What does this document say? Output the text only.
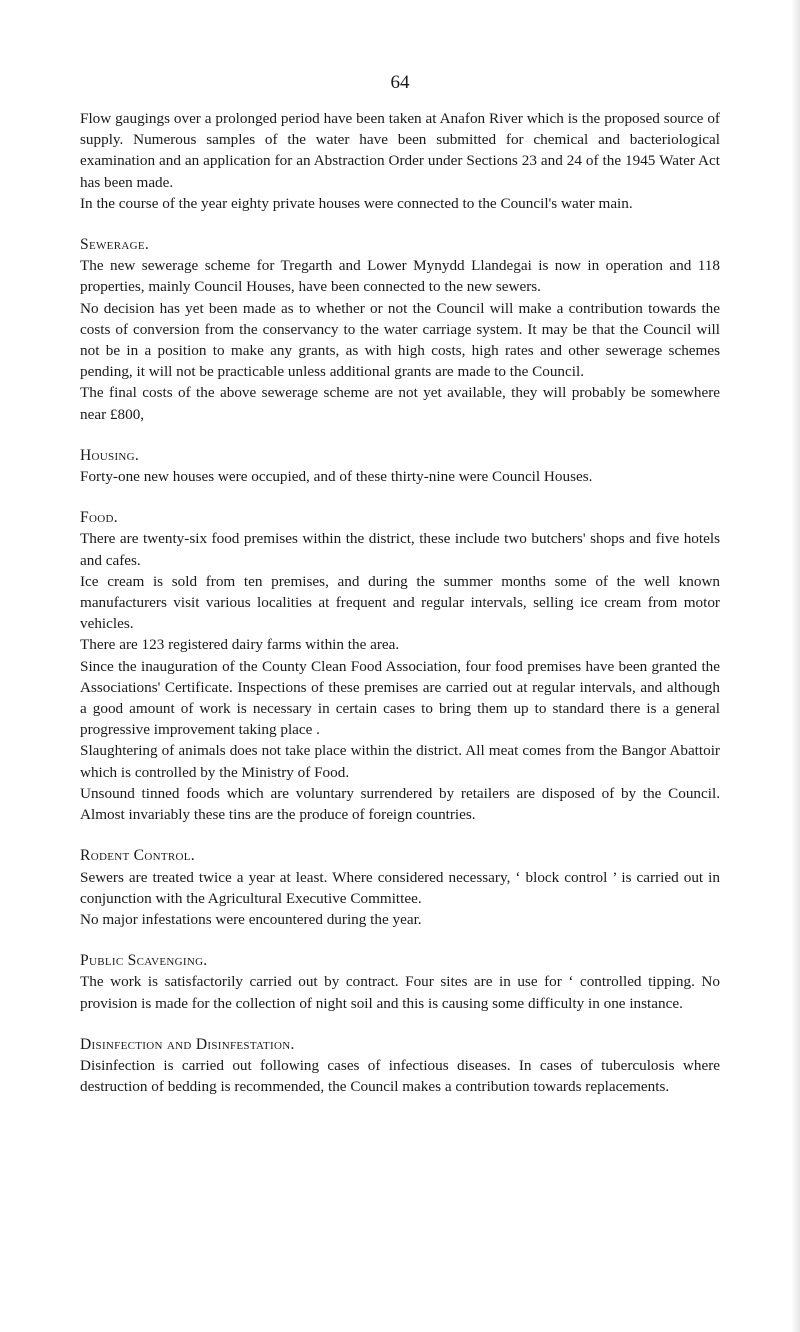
64

Flow gaugings over a prolonged period have been taken at Anafon River which is the proposed source of supply. Numerous samples of the water have been submitted for chemical and bacteriological examination and an application for an Abstraction Order under Sections 23 and 24 of the 1945 Water Act has been made.

In the course of the year eighty private houses were connected to the Council's water main.

Sewerage.

The new sewerage scheme for Tregarth and Lower Mynydd Llandegai is now in operation and 118 properties, mainly Council Houses, have been connected to the new sewers.

No decision has yet been made as to whether or not the Council will make a contribution towards the costs of conversion from the conservancy to the water carriage system. It may be that the Council will not be in a position to make any grants, as with high costs, high rates and other sewerage schemes pending, it will not be practicable unless additional grants are made to the Council.

The final costs of the above sewerage scheme are not yet available, they will probably be somewhere near £800,

Housing.

Forty-one new houses were occupied, and of these thirty-nine were Council Houses.

Food.

There are twenty-six food premises within the district, these include two butchers' shops and five hotels and cafes.

Ice cream is sold from ten premises, and during the summer months some of the well known manufacturers visit various localities at frequent and regular intervals, selling ice cream from motor vehicles.

There are 123 registered dairy farms within the area.

Since the inauguration of the County Clean Food Association, four food premises have been granted the Associations' Certificate. Inspections of these premises are carried out at regular intervals, and although a good amount of work is necessary in certain cases to bring them up to standard there is a general progressive improvement taking place .

Slaughtering of animals does not take place within the district. All meat comes from the Bangor Abattoir which is controlled by the Ministry of Food.

Unsound tinned foods which are voluntary surrendered by retailers are disposed of by the Council. Almost invariably these tins are the produce of foreign countries.

Rodent Control.

Sewers are treated twice a year at least. Where considered necessary, ‘ block control ’ is carried out in conjunction with the Agricultural Executive Committee.

No major infestations were encountered during the year.

Public Scavenging.

The work is satisfactorily carried out by contract. Four sites are in use for ‘ controlled tipping. No provision is made for the collection of night soil and this is causing some difficulty in one instance.

Disinfection and Disinfestation.

Disinfection is carried out following cases of infectious diseases. In cases of tuberculosis where destruction of bedding is recommended, the Council makes a contribution towards replacements.
